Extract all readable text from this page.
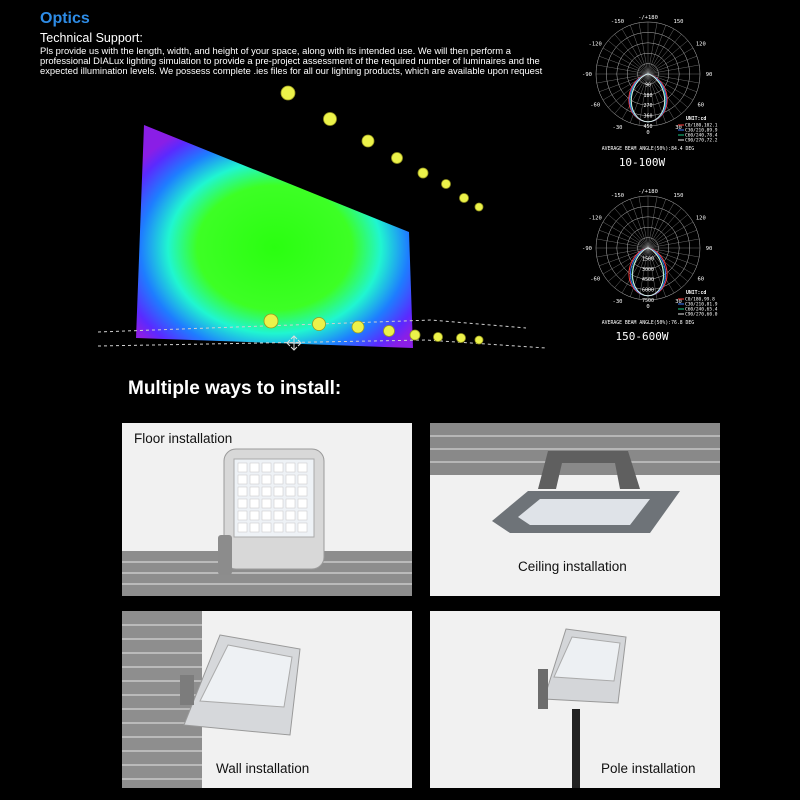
Optics
Technical Support:
Pls provide us with the length, width, and height of your space, along with its intended use. We will then perform a professional DIALux lighting simulation to provide a pre-project assessment of the required number of luminaires and the expected illumination levels. We possess complete .ies files for all our lighting products, which are available upon request
-/+180
-150	150
-120	120
-90	90
-60	60
-30	30
0
90
180
270
360
450
UNIT:cd
C0/180,102.1
C30/210,89.9
C60/240,78.4
C90/270,72.2
AVERAGE BEAM ANGLE(50%):84.4 DEG
10-100W
-/+180
-150	150
-120	120
-90	90
-60	60
-30	30
0
1500
3000
4500
6000
7500
UNIT:cd
C0/180,99.8
C30/210,81.9
C60/240,65.4
C90/270,60.0
AVERAGE BEAM ANGLE(50%):76.8 DEG
150-600W
Multiple ways to install:
Floor installation
Ceiling installation
Wall installation	Pole installation
